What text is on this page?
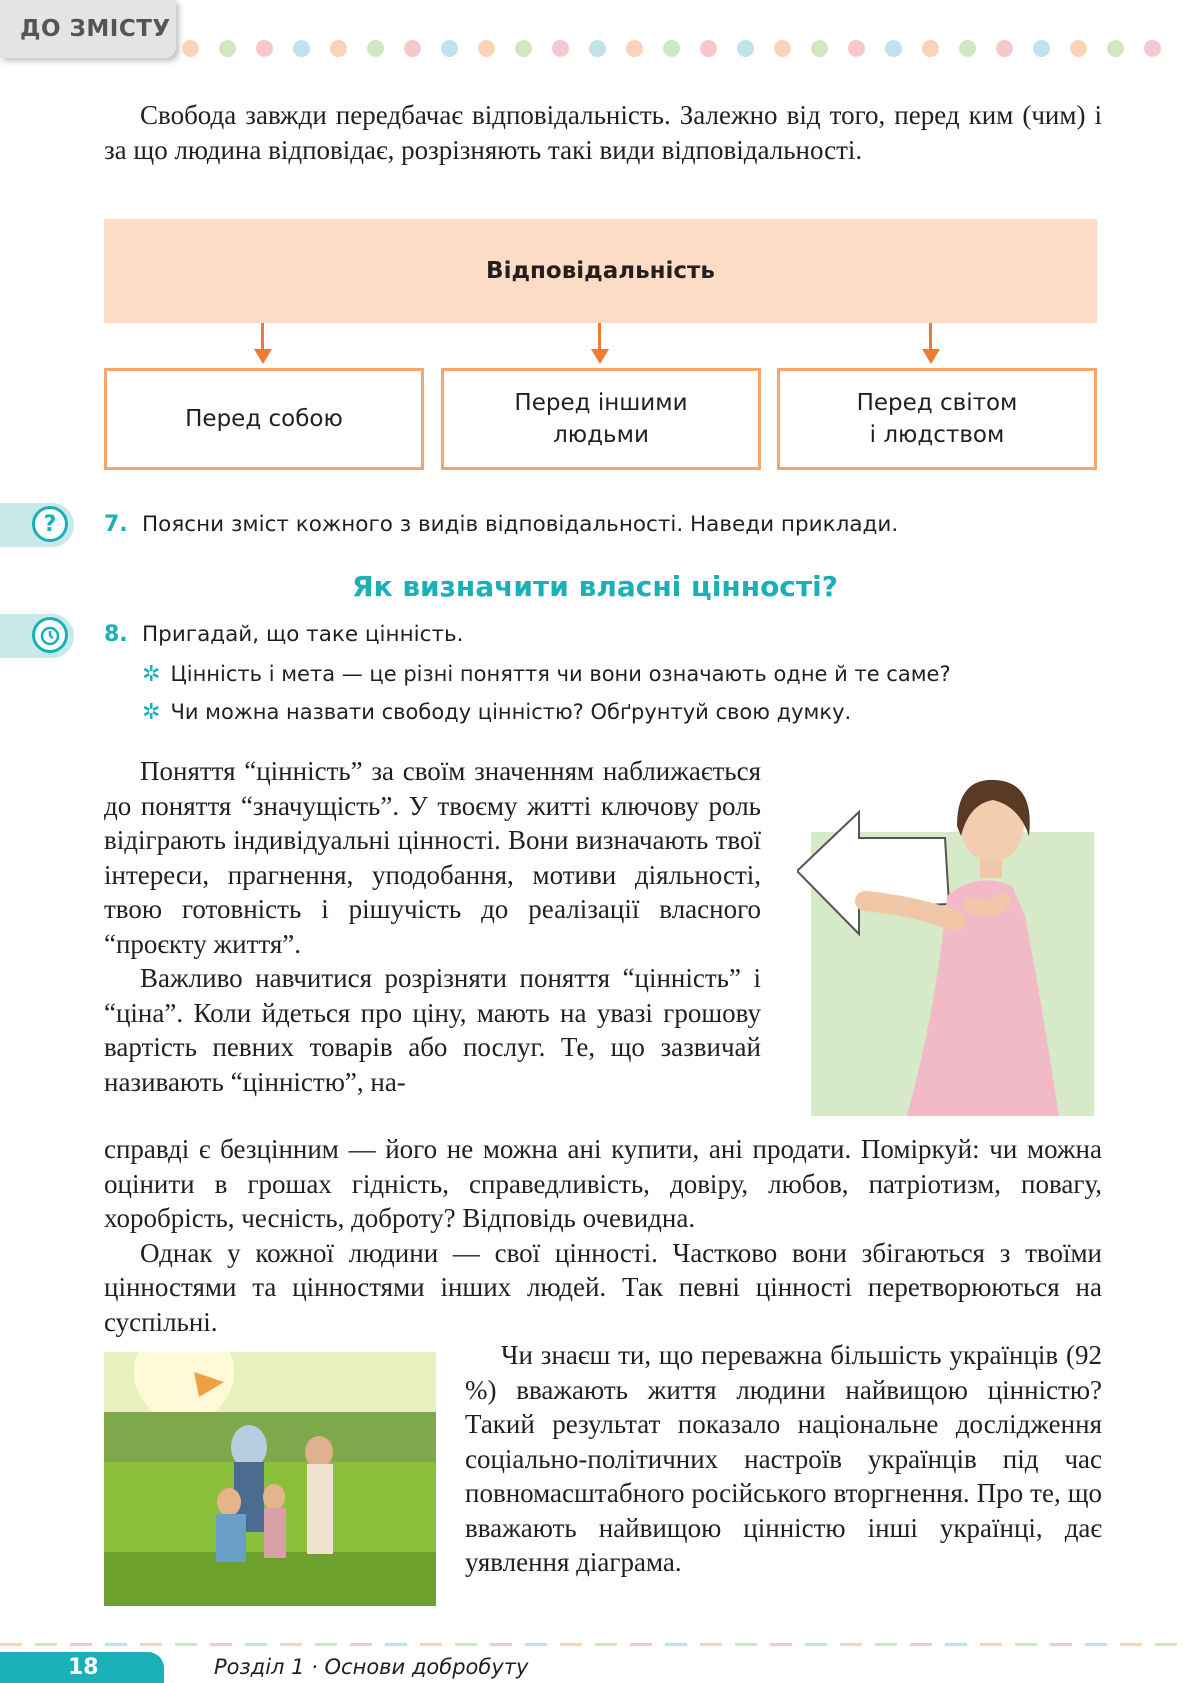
ДО ЗМІСТУ

Свобода завжди передбачає відповідальність. Залежно від того, перед ким (чим) і за що людина відповідає, розрізняють такі види відповідальності.

Відповідальність
Перед собою
Перед іншими
людьми
Перед світом
і людством
?	7. Поясни зміст кожного з видів відповідальності. Наведи приклади.
Як визначити власні цінності?
8. Пригадай, що таке цінність.
✲ Цінність і мета — це різні поняття чи вони означають одне й те саме?
✲ Чи можна назвати свободу цінністю? Обґрунтуй свою думку.

Поняття “цінність” за своїм значенням наближається до поняття “значущість”. У твоєму житті ключову роль відіграють індивідуальні цінності. Вони визначають твої інтереси, прагнення, уподобання, мотиви діяльності, твою готовність і рішучість до реалізації власного “проєкту життя”.

Важливо навчитися розрізняти поняття “цінність” і “ціна”. Коли йдеться про ціну, мають на увазі грошову вартість певних товарів або послуг. Те, що зазвичай називають “цінністю”, на-

справді є безцінним — його не можна ані купити, ані продати. Поміркуй: чи можна оцінити в грошах гідність, справедливість, довіру, любов, патріотизм, повагу, хоробрість, чесність, доброту? Відповідь очевидна.

Однак у кожної людини — свої цінності. Частково вони збігаються з твоїми цінностями та цінностями інших людей. Так певні цінності перетворюються на суспільні.

Чи знаєш ти, що переважна більшість українців (92 %) вважають життя людини найвищою цінністю? Такий результат показало національне дослідження соціально-політичних настроїв українців під час повномасштабного російського вторгнення. Про те, що вважають найвищою цінністю інші українці, дає уявлення діаграма.

18	Розділ 1 · Основи добробуту
